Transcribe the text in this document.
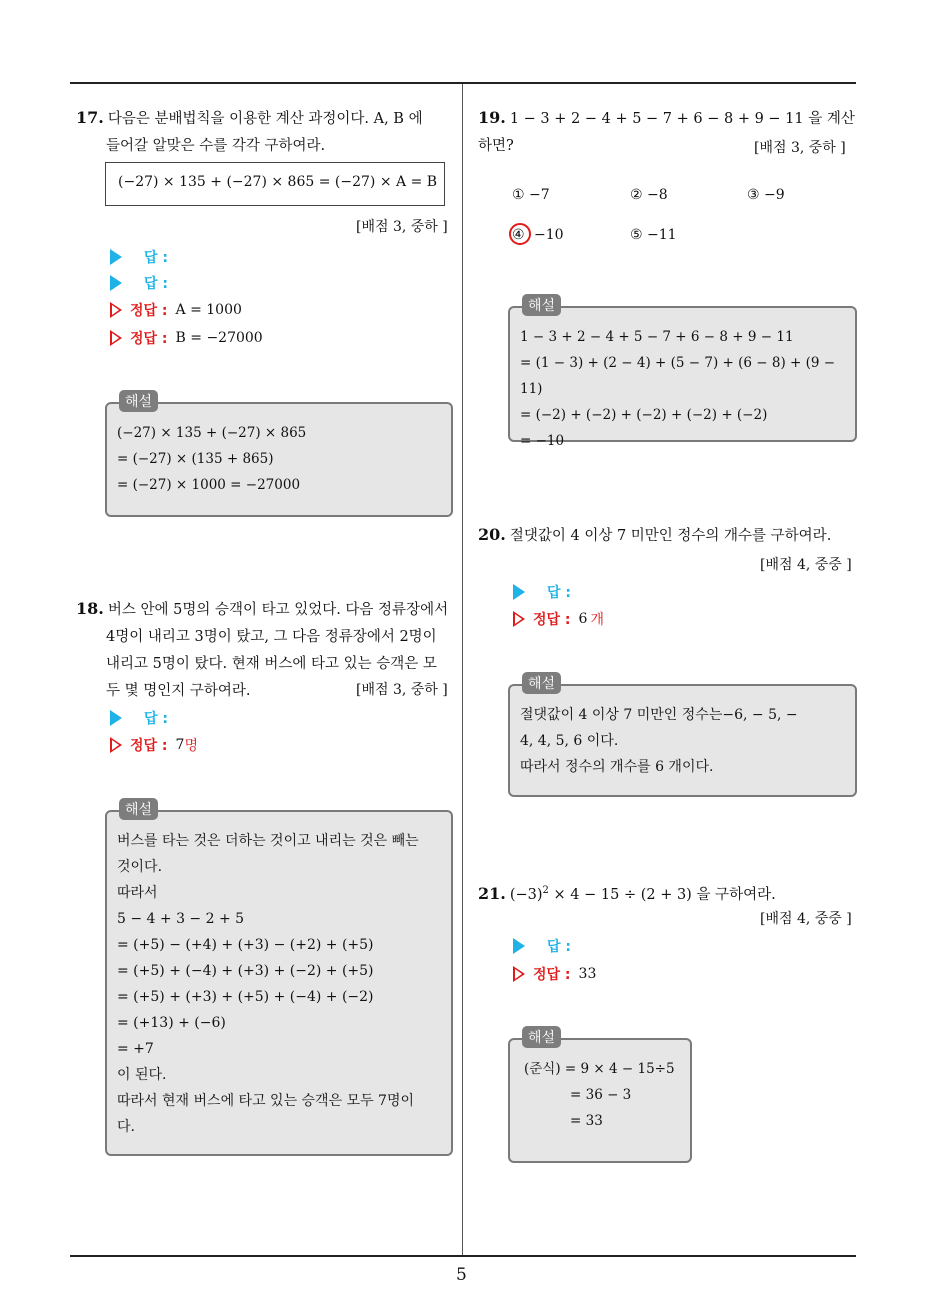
5
17. 다음은 분배법칙을 이용한 계산 과정이다. A, B 에
들어갈 알맞은 수를 각각 구하여라.
(−27) × 135 + (−27) × 865 = (−27) × A = B
[배점 3, 중하 ]
답 :
답 :
정답 : A = 1000
정답 : B = −27000
해설
(−27) × 135 + (−27) × 865
= (−27) × (135 + 865)
= (−27) × 1000 = −27000
18. 버스 안에 5명의 승객이 타고 있었다. 다음 정류장에서
4명이 내리고 3명이 탔고, 그 다음 정류장에서 2명이
내리고 5명이 탔다. 현재 버스에 타고 있는 승객은 모
두 몇 명인지 구하여라.	[배점 3, 중하 ]
답 :
정답 : 7 명
해설
버스를 타는 것은 더하는 것이고 내리는 것은 빼는
것이다.
따라서
5 − 4 + 3 − 2 + 5
= (+5) − (+4) + (+3) − (+2) + (+5)
= (+5) + (−4) + (+3) + (−2) + (+5)
= (+5) + (+3) + (+5) + (−4) + (−2)
= (+13) + (−6)
= +7
이 된다.
따라서 현재 버스에 타고 있는 승객은 모두 7명이
다.
19. 1 − 3 + 2 − 4 + 5 − 7 + 6 − 8 + 9 − 11 을 계산하면?	[배점 3, 중하 ]
① −7	② −8	③ −9
④ −10	⑤ −11
해설
1 − 3 + 2 − 4 + 5 − 7 + 6 − 8 + 9 − 11
= (1 − 3) + (2 − 4) + (5 − 7) + (6 − 8) + (9 − 11)
= (−2) + (−2) + (−2) + (−2) + (−2)
= −10
20. 절댓값이 4 이상 7 미만인 정수의 개수를 구하여라.
[배점 4, 중중 ]
답 :
정답 : 6 개
해설
절댓값이 4 이상 7 미만인 정수는−6, − 5, −
4, 4, 5, 6 이다.
따라서 정수의 개수를 6 개이다.
21. $(-3)^2 \times 4 - 15 \div (2 + 3)$ 을 구하여라.
[배점 4, 중중 ]
답 :
정답 : 33
해설
(준식) = 9 × 4 − 15÷5
= 36 − 3
= 33
